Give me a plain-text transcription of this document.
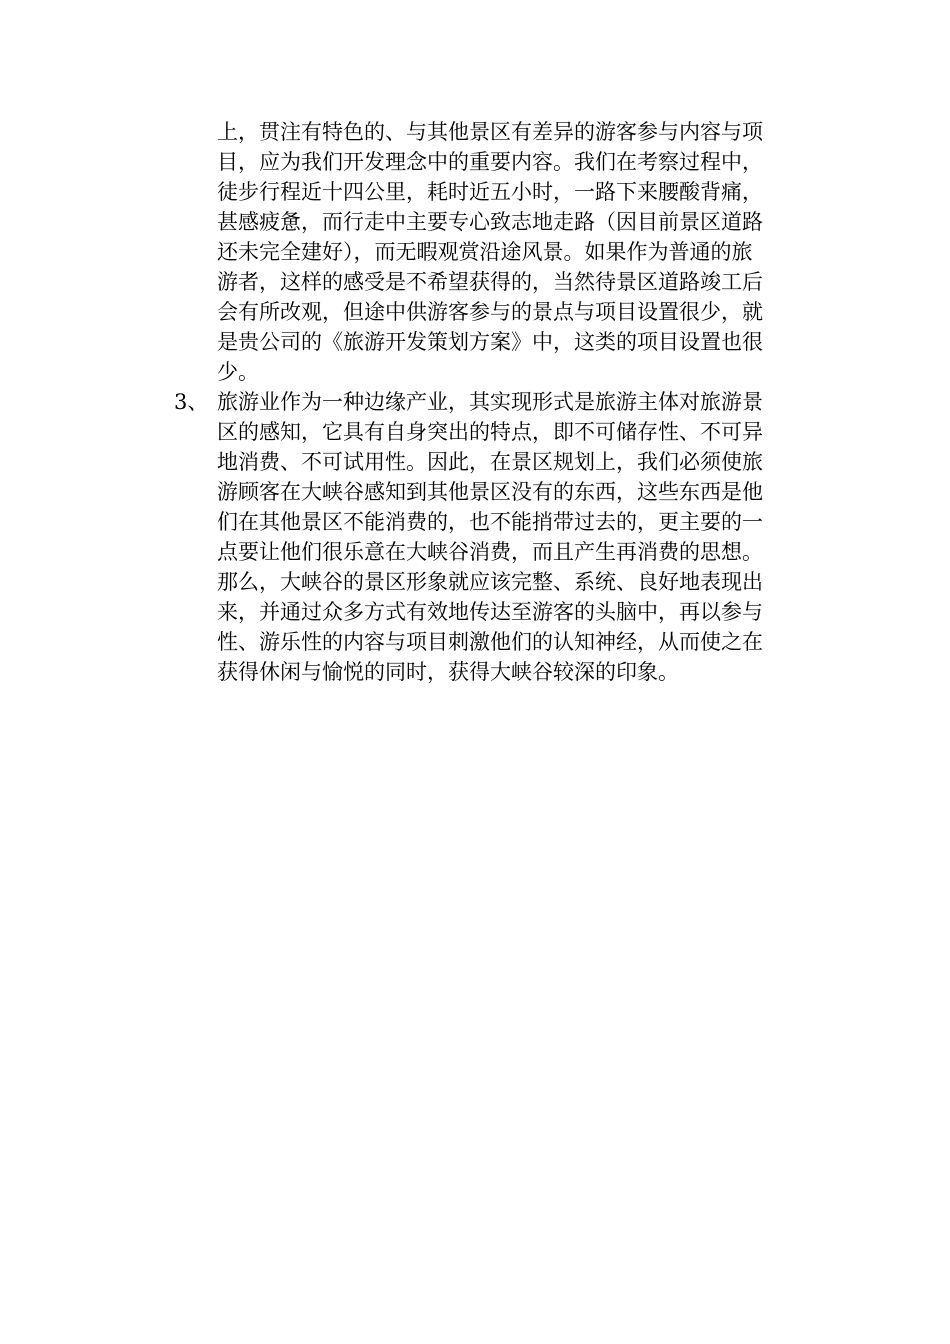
上，贯注有特色的、与其他景区有差异的游客参与内容与项
目，应为我们开发理念中的重要内容。我们在考察过程中，
徒步行程近十四公里，耗时近五小时，一路下来腰酸背痛，
甚感疲惫，而行走中主要专心致志地走路（因目前景区道路
还未完全建好），而无暇观赏沿途风景。如果作为普通的旅
游者，这样的感受是不希望获得的，当然待景区道路竣工后
会有所改观，但途中供游客参与的景点与项目设置很少，就
是贵公司的《旅游开发策划方案》中，这类的项目设置也很
少。
3、 旅游业作为一种边缘产业，其实现形式是旅游主体对旅游景
区的感知，它具有自身突出的特点，即不可储存性、不可异
地消费、不可试用性。因此，在景区规划上，我们必须使旅
游顾客在大峡谷感知到其他景区没有的东西，这些东西是他
们在其他景区不能消费的，也不能捎带过去的，更主要的一
点要让他们很乐意在大峡谷消费，而且产生再消费的思想。
那么，大峡谷的景区形象就应该完整、系统、良好地表现出
来，并通过众多方式有效地传达至游客的头脑中，再以参与
性、游乐性的内容与项目刺激他们的认知神经，从而使之在
获得休闲与愉悦的同时，获得大峡谷较深的印象。
